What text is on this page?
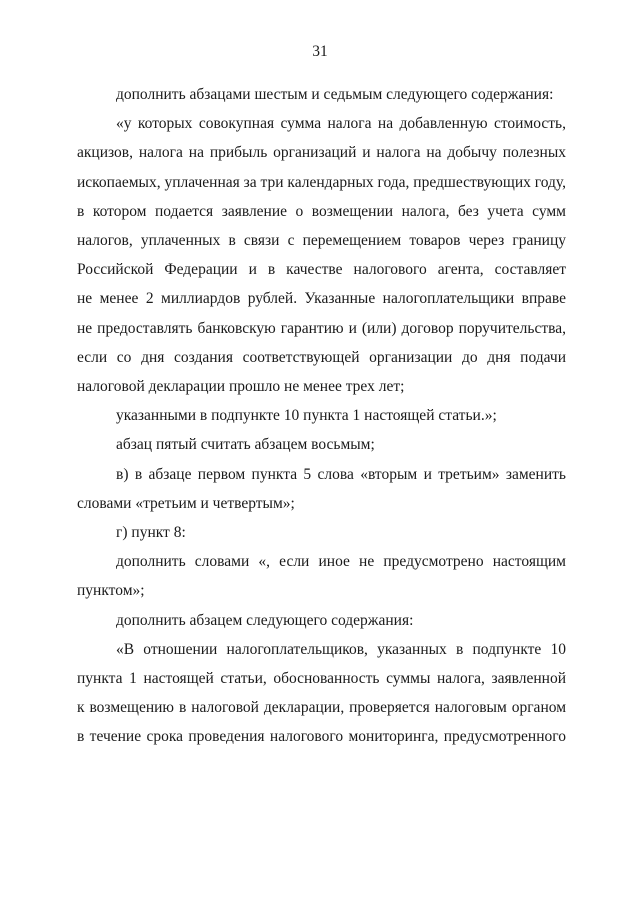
31
дополнить абзацами шестым и седьмым следующего содержания:
«у которых совокупная сумма налога на добавленную стоимость,
акцизов, налога на прибыль организаций и налога на добычу полезных
ископаемых, уплаченная за три календарных года, предшествующих году,
в котором подается заявление о возмещении налога, без учета сумм
налогов, уплаченных в связи с перемещением товаров через границу
Российской Федерации и в качестве налогового агента, составляет
не менее 2 миллиардов рублей. Указанные налогоплательщики вправе
не предоставлять банковскую гарантию и (или) договор поручительства,
если со дня создания соответствующей организации до дня подачи
налоговой декларации прошло не менее трех лет;
указанными в подпункте 10 пункта 1 настоящей статьи.»;
абзац пятый считать абзацем восьмым;
в) в абзаце первом пункта 5 слова «вторым и третьим» заменить
словами «третьим и четвертым»;
г) пункт 8:
дополнить словами «, если иное не предусмотрено настоящим
пунктом»;
дополнить абзацем следующего содержания:
«В отношении налогоплательщиков, указанных в подпункте 10
пункта 1 настоящей статьи, обоснованность суммы налога, заявленной
к возмещению в налоговой декларации, проверяется налоговым органом
в течение срока проведения налогового мониторинга, предусмотренного
